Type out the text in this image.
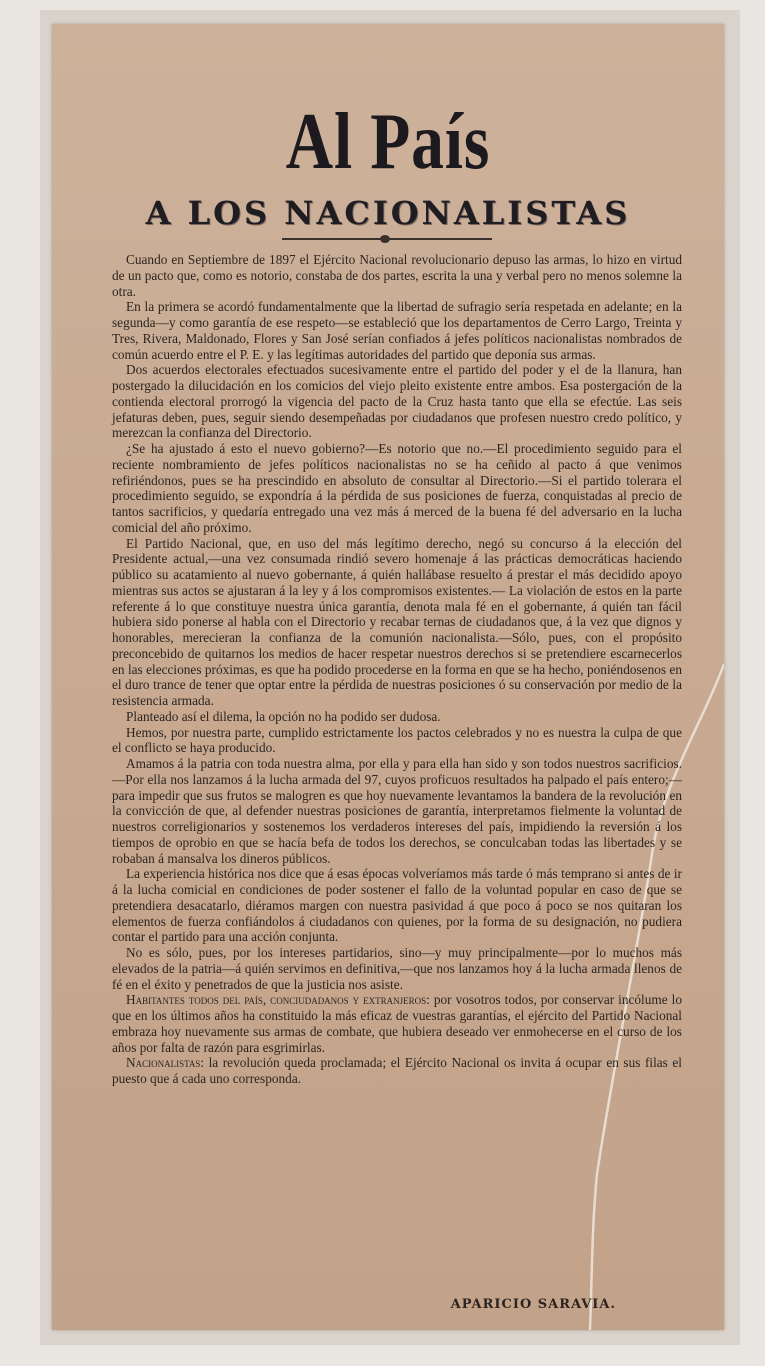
Al País
A LOS NACIONALISTAS

Cuando en Septiembre de 1897 el Ejército Nacional revolucionario depuso las armas, lo hizo en virtud de un pacto que, como es notorio, constaba de dos partes, escrita la una y verbal pero no menos solemne la otra.

En la primera se acordó fundamentalmente que la libertad de sufragio sería respetada en adelante; en la segunda—y como garantía de ese respeto—se estableció que los departamentos de Cerro Largo, Treinta y Tres, Rivera, Maldonado, Flores y San José serían confiados á jefes políticos nacionalistas nombrados de común acuerdo entre el P. E. y las legítimas autoridades del partido que deponía sus armas.

Dos acuerdos electorales efectuados sucesivamente entre el partido del poder y el de la llanura, han postergado la dilucidación en los comicios del viejo pleito existente entre ambos. Esa postergación de la contienda electoral prorrogó la vigencia del pacto de la Cruz hasta tanto que ella se efectúe. Las seis jefaturas deben, pues, seguir siendo desempeñadas por ciudadanos que profesen nuestro credo político, y merezcan la confianza del Directorio.

¿Se ha ajustado á esto el nuevo gobierno?—Es notorio que no.—El procedimiento seguido para el reciente nombramiento de jefes políticos nacionalistas no se ha ceñido al pacto á que venimos refiriéndonos, pues se ha prescindido en absoluto de consultar al Directorio.—Si el partido tolerara el procedimiento seguido, se expondría á la pérdida de sus posiciones de fuerza, conquistadas al precio de tantos sacrificios, y quedaría entregado una vez más á merced de la buena fé del adversario en la lucha comicial del año próximo.

El Partido Nacional, que, en uso del más legítimo derecho, negó su concurso á la elección del Presidente actual,—una vez consumada rindió severo homenaje á las prácticas democráticas haciendo público su acatamiento al nuevo gobernante, á quién hallábase resuelto á prestar el más decidido apoyo mientras sus actos se ajustaran á la ley y á los compromisos existentes.— La violación de estos en la parte referente á lo que constituye nuestra única garantía, denota mala fé en el gobernante, á quién tan fácil hubiera sido ponerse al habla con el Directorio y recabar ternas de ciudadanos que, á la vez que dignos y honorables, merecieran la confianza de la comunión nacionalista.—Sólo, pues, con el propósito preconcebido de quitarnos los medios de hacer respetar nuestros derechos si se pretendiere escarnecerlos en las elecciones próximas, es que ha podido procederse en la forma en que se ha hecho, poniéndosenos en el duro trance de tener que optar entre la pérdida de nuestras posiciones ó su conservación por medio de la resistencia armada.

Planteado así el dilema, la opción no ha podido ser dudosa.

Hemos, por nuestra parte, cumplido estrictamente los pactos celebrados y no es nuestra la culpa de que el conflicto se haya producido.

Amamos á la patria con toda nuestra alma, por ella y para ella han sido y son todos nuestros sacrificios.—Por ella nos lanzamos á la lucha armada del 97, cuyos proficuos resultados ha palpado el país entero;—para impedir que sus frutos se malogren es que hoy nuevamente levantamos la bandera de la revolución en la convicción de que, al defender nuestras posiciones de garantía, interpretamos fielmente la voluntad de nuestros correligionarios y sostenemos los verdaderos intereses del país, impidiendo la reversión á los tiempos de oprobio en que se hacía befa de todos los derechos, se conculcaban todas las libertades y se robaban á mansalva los dineros públicos.

La experiencia histórica nos dice que á esas épocas volveríamos más tarde ó más temprano si antes de ir á la lucha comicial en condiciones de poder sostener el fallo de la voluntad popular en caso de que se pretendiera desacatarlo, diéramos margen con nuestra pasividad á que poco á poco se nos quitaran los elementos de fuerza confiándolos á ciudadanos con quienes, por la forma de su designación, no pudiera contar el partido para una acción conjunta.

No es sólo, pues, por los intereses partidarios, sino—y muy principalmente—por lo muchos más elevados de la patria—á quién servimos en definitiva,—que nos lanzamos hoy á la lucha armada llenos de fé en el éxito y penetrados de que la justicia nos asiste.

Habitantes todos del país, conciudadanos y extranjeros: por vosotros todos, por conservar incólume lo que en los últimos años ha constituido la más eficaz de vuestras garantías, el ejército del Partido Nacional embraza hoy nuevamente sus armas de combate, que hubiera deseado ver enmohecerse en el curso de los años por falta de razón para esgrimirlas.

Nacionalistas: la revolución queda proclamada; el Ejército Nacional os invita á ocupar en sus filas el puesto que á cada uno corresponda.

APARICIO SARAVIA.
